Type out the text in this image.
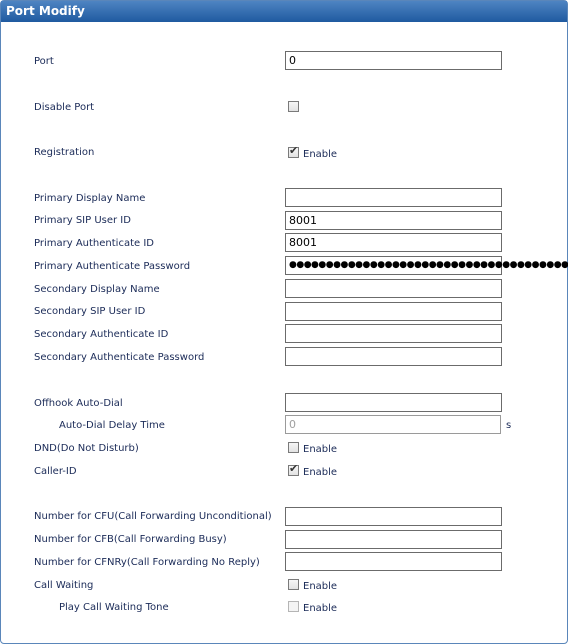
Port Modify
Port	0
Disable Port
Registration	✔ Enable
Primary Display Name
Primary SIP User ID	8001
Primary Authenticate ID	8001
Primary Authenticate Password	●●●●●●●●●●●●●●●●●●●●●●●●●●●●●●●●●●●●●●
Secondary Display Name
Secondary SIP User ID
Secondary Authenticate ID
Secondary Authenticate Password
Offhook Auto-Dial
Auto-Dial Delay Time	0	s
DND(Do Not Disturb)	Enable
Caller-ID	✔ Enable
Number for CFU(Call Forwarding Unconditional)
Number for CFB(Call Forwarding Busy)
Number for CFNRy(Call Forwarding No Reply)
Call Waiting	Enable
Play Call Waiting Tone	Enable
